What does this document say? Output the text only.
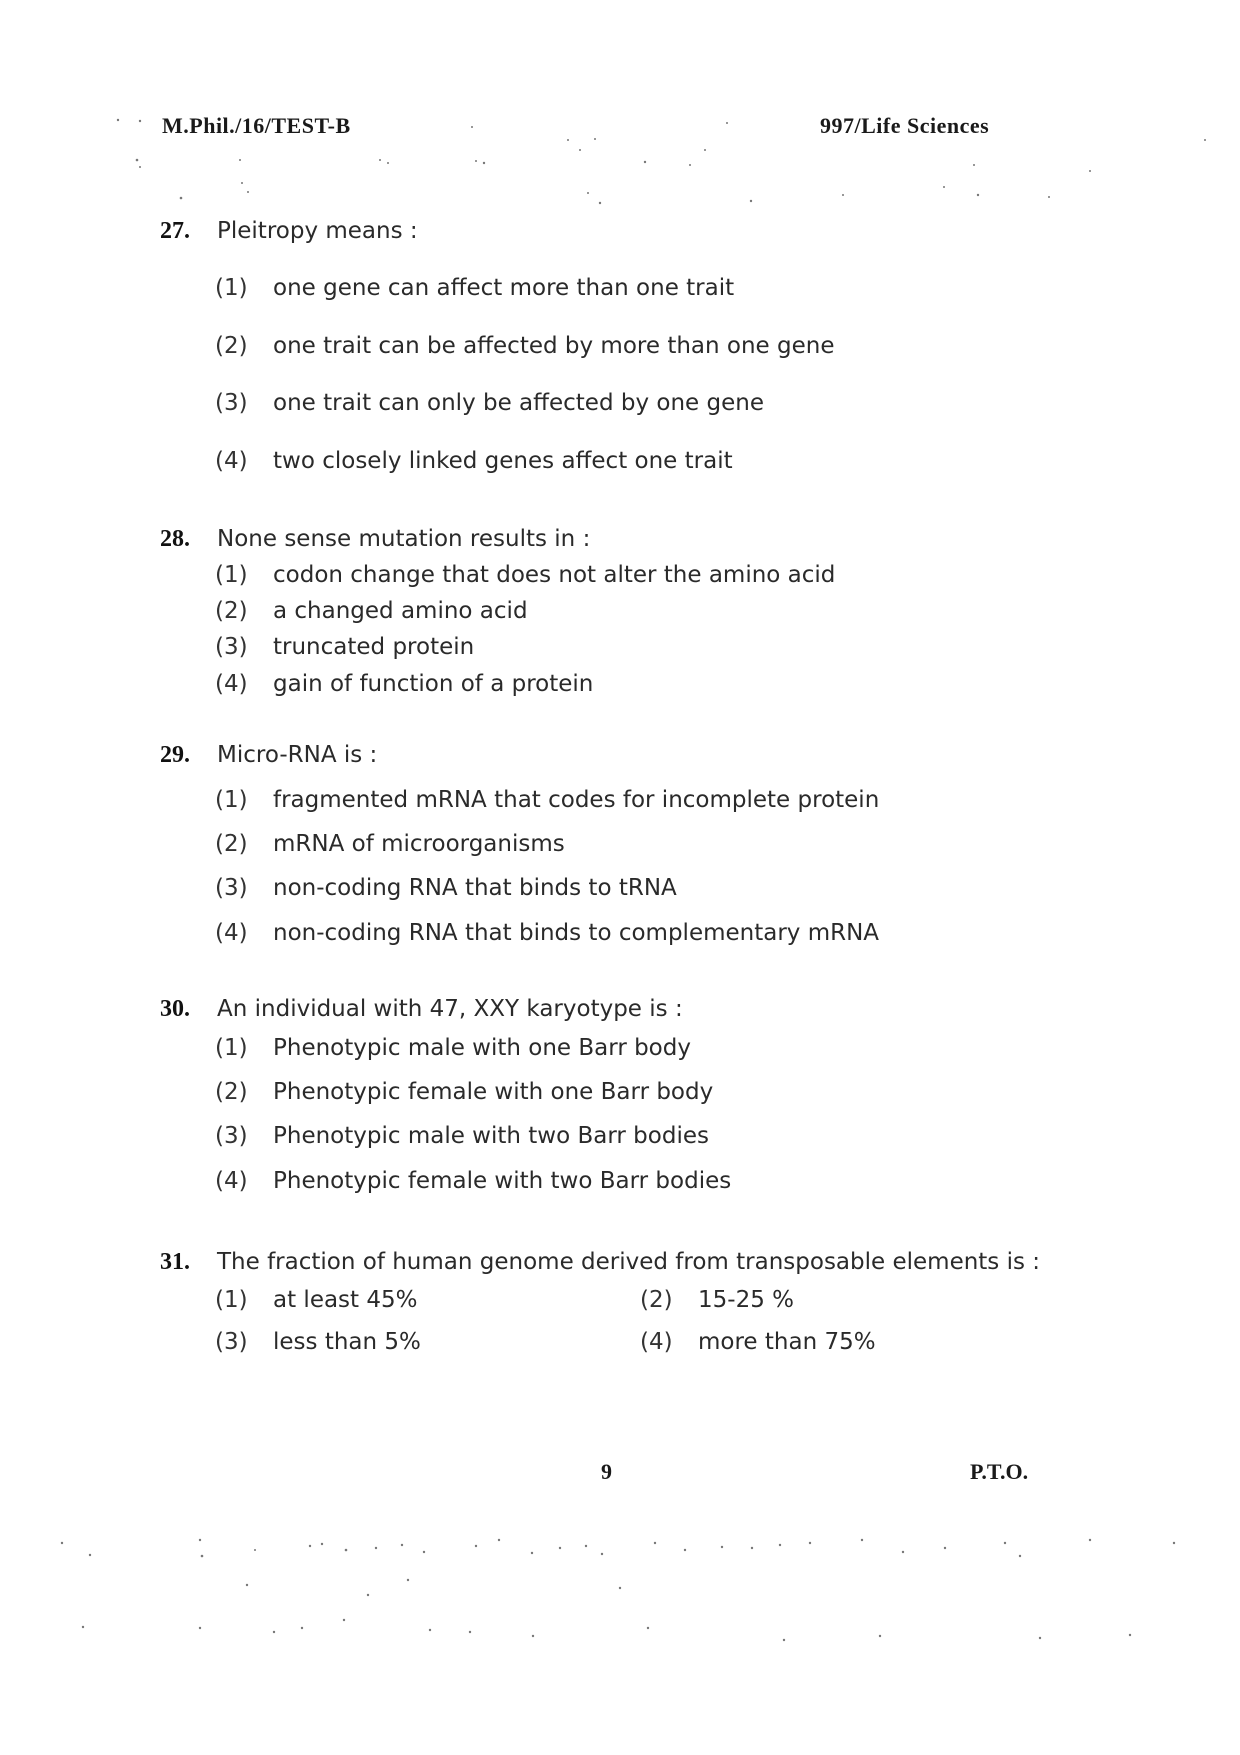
M.Phil./16/TEST-B	997/Life Sciences
27. Pleitropy means :
(1) one gene can affect more than one trait
(2) one trait can be affected by more than one gene
(3) one trait can only be affected by one gene
(4) two closely linked genes affect one trait
28. None sense mutation results in :
(1) codon change that does not alter the amino acid
(2) a changed amino acid
(3) truncated protein
(4) gain of function of a protein
29. Micro-RNA is :
(1) fragmented mRNA that codes for incomplete protein
(2) mRNA of microorganisms
(3) non-coding RNA that binds to tRNA
(4) non-coding RNA that binds to complementary mRNA
30. An individual with 47, XXY karyotype is :
(1) Phenotypic male with one Barr body
(2) Phenotypic female with one Barr body
(3) Phenotypic male with two Barr bodies
(4) Phenotypic female with two Barr bodies
31. The fraction of human genome derived from transposable elements is :
(1) at least 45%	(2) 15-25 %
(3) less than 5%	(4) more than 75%
9	P.T.O.
